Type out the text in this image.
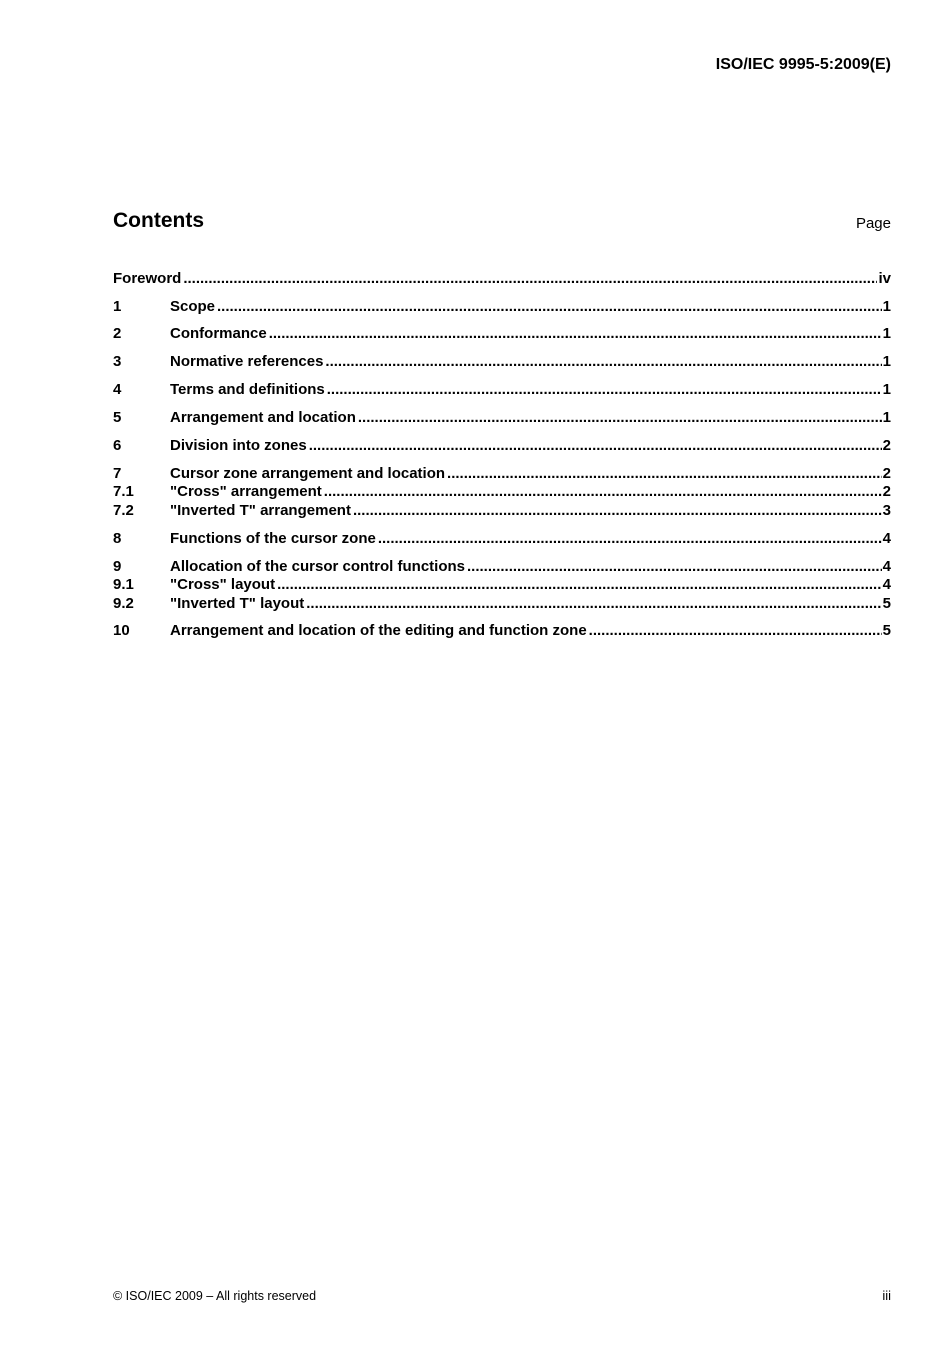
ISO/IEC 9995-5:2009(E)
Contents	Page
Foreword .....	iv
1	Scope .....	1
2	Conformance .....	1
3	Normative references .....	1
4	Terms and definitions .....	1
5	Arrangement and location .....	1
6	Division into zones .....	2
7	Cursor zone arrangement and location .....	2
7.1	"Cross" arrangement .....	2
7.2	"Inverted T" arrangement .....	3
8	Functions of the cursor zone .....	4
9	Allocation of the cursor control functions .....	4
9.1	"Cross" layout .....	4
9.2	"Inverted T" layout .....	5
10	Arrangement and location of the editing and function zone .....	5
© ISO/IEC 2009 – All rights reserved	iii
